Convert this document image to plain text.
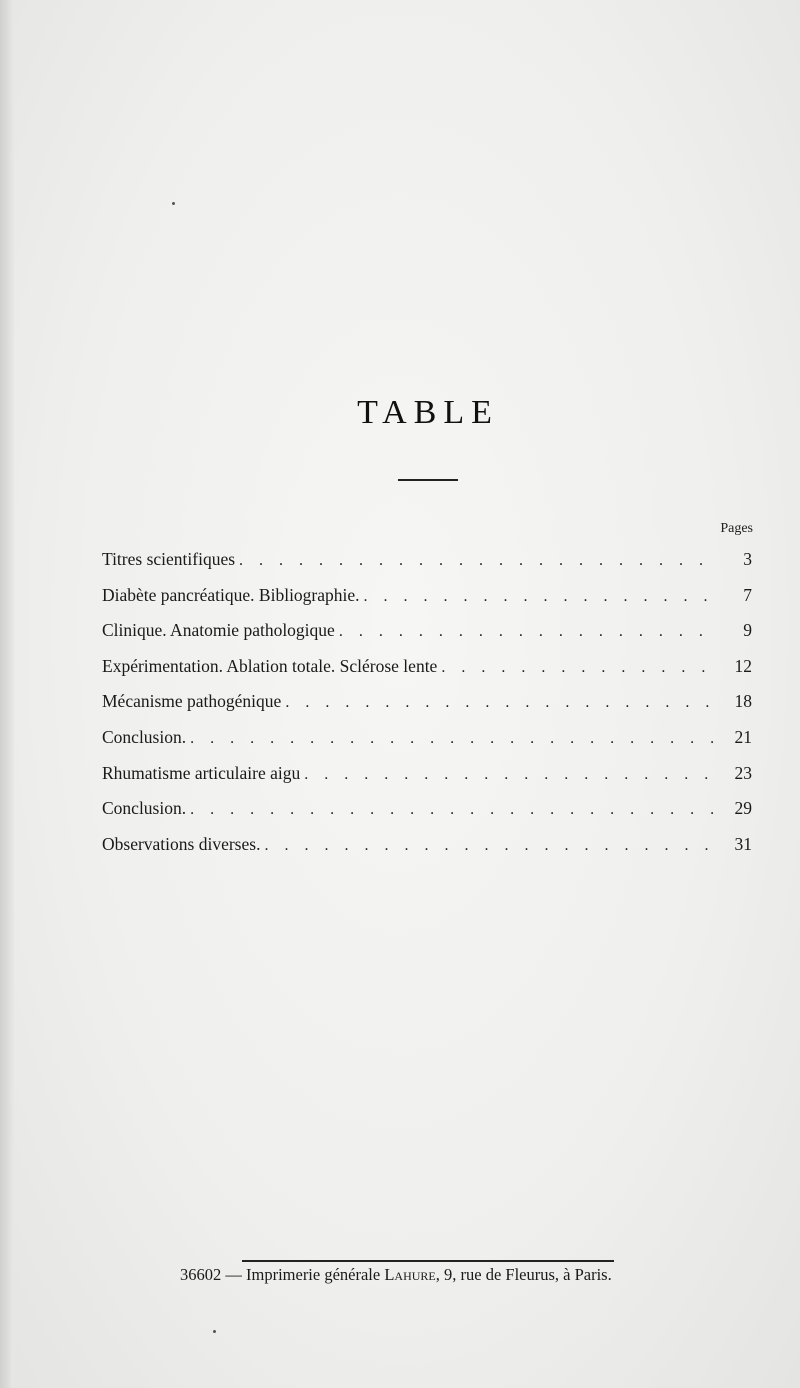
TABLE
Pages
Titres scientifiques . . .	3
Diabète pancréatique. Bibliographie. . . .	7
Clinique. Anatomie pathologique . . .	9
Expérimentation. Ablation totale. Sclérose lente . . .	12
Mécanisme pathogénique . . .	18
Conclusion. . . .	21
Rhumatisme articulaire aigu . . .	23
Conclusion. . . .	29
Observations diverses. . . .	31
36602 — Imprimerie générale Lahure, 9, rue de Fleurus, à Paris.
